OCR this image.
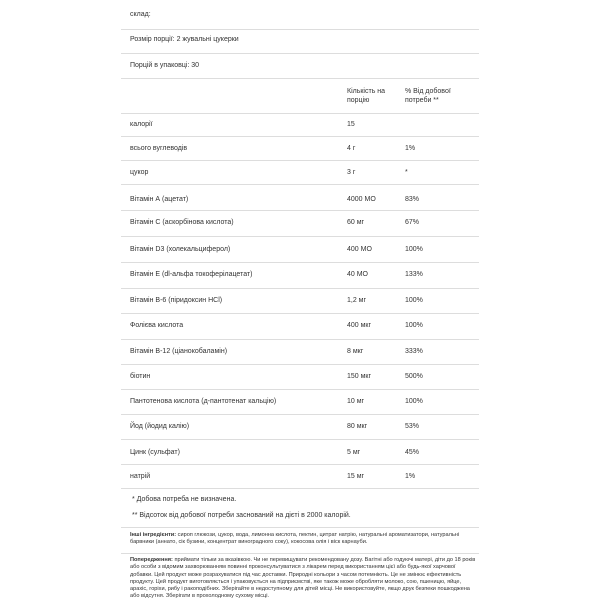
склад:
Розмір порції: 2 жувальні цукерки
Порцій в упаковці: 30
Кількість на порцію
% Від добової потреби **
калорії	15
всього вуглеводів	4 г	1%
цукор	3 г	*
Вітамін А (ацетат)	4000 МО	83%
Вітамін С (аскорбінова кислота)	60 мг	67%
Вітамін D3 (холекальциферол)	400 МО	100%
Вітамін Е (dl-альфа токоферілацетат)	40 МО	133%
Вітамін В-6 (піридоксин HCl)	1,2 мг	100%
Фолієва кислота	400 мкг	100%
Вітамін В-12 (ціанокобаламін)	8 мкг	333%
біотин	150 мкг	500%
Пантотенова кислота (д-пантотенат кальцію)	10 мг	100%
Йод (йодид калію)	80 мкг	53%
Цинк (сульфат)	5 мг	45%
натрій	15 мг	1%
* Добова потреба не визначена.
** Відсоток від добової потреби заснований на дієті в 2000 калорій.
Інші інгредієнти: сироп глюкози, цукор, вода, лимонна кислота, пектин, цитрат натрію, натуральні ароматизатори, натуральні барвники (аннато, сік бузини, концентрат виноградного соку), кокосова олія і віск карнауби.
Попередження: приймати тільки за вказівкою. Чи не перевищувати рекомендовану дозу. Вагітні або годуючі матері, діти до 18 років або особи з відомим захворюванням повинні проконсультуватися з лікарем перед використанням цієї або будь-якої харчової добавки. Цей продукт може розрахуватися під час доставки. Природні кольори з часом потемніють. Це не змінює ефективність продукту. Цей продукт виготовляється і упаковується на підприємстві, яке також може обробляти молоко, сою, пшеницю, яйце, арахіс, горіхи, рибу і ракоподібних. Зберігайте в недоступному для дітей місці. Не використовуйте, якщо друк безпеки пошкоджена або відсутня. Зберігати в прохолодному сухому місці.
